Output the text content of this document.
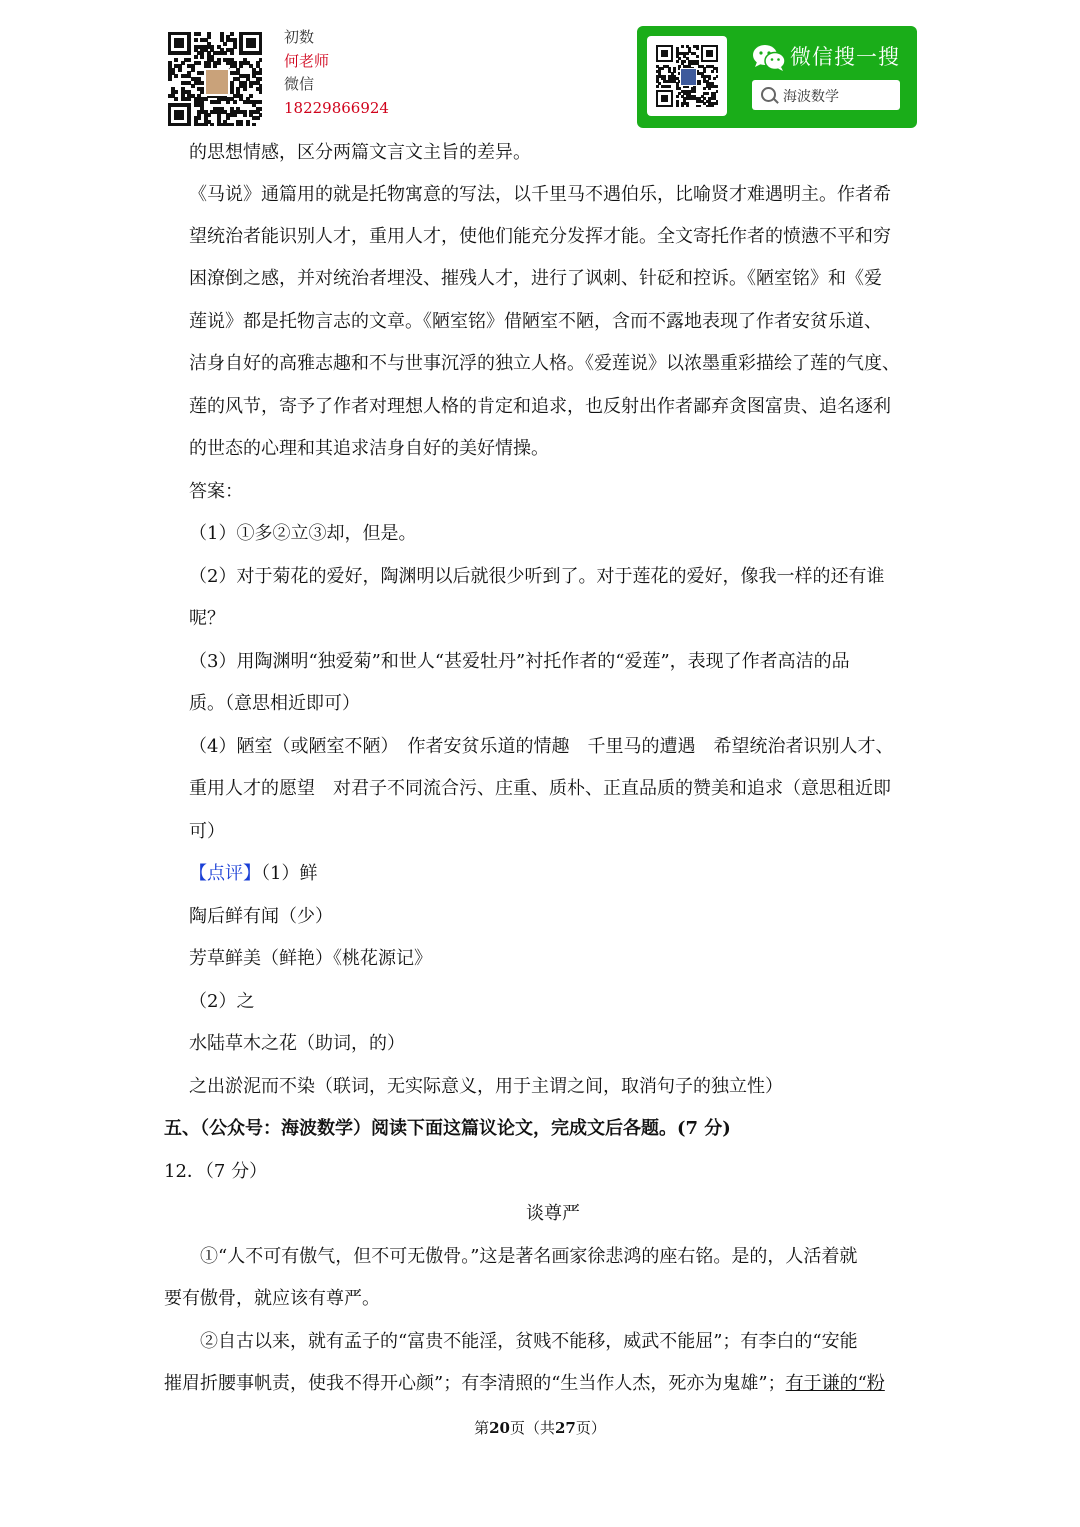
初数
何老师
微信
18229866924
微信搜一搜
海波数学
的思想情感，区分两篇文言文主旨的差异。
《马说》通篇用的就是托物寓意的写法，以千里马不遇伯乐，比喻贤才难遇明主。作者希
望统治者能识别人才，重用人才，使他们能充分发挥才能。全文寄托作者的愤懑不平和穷
困潦倒之感，并对统治者埋没、摧残人才，进行了讽刺、针砭和控诉。《陋室铭》和《爱
莲说》都是托物言志的文章。《陋室铭》借陋室不陋，含而不露地表现了作者安贫乐道、
洁身自好的高雅志趣和不与世事沉浮的独立人格。《爱莲说》以浓墨重彩描绘了莲的气度、
莲的风节，寄予了作者对理想人格的肯定和追求，也反射出作者鄙弃贪图富贵、追名逐利
的世态的心理和其追求洁身自好的美好情操。
答案：
（1）①多②立③却，但是。
（2）对于菊花的爱好，陶渊明以后就很少听到了。对于莲花的爱好，像我一样的还有谁
呢？
（3）用陶渊明“独爱菊”和世人“甚爱牡丹”衬托作者的“爱莲”，表现了作者高洁的品
质。（意思相近即可）
（4）陋室（或陋室不陋）　作者安贫乐道的情趣　千里马的遭遇　希望统治者识别人才、
重用人才的愿望　对君子不同流合污、庄重、质朴、正直品质的赞美和追求（意思租近即
可）
【点评】（1）鲜
陶后鲜有闻（少）
芳草鲜美（鲜艳）《桃花源记》
（2）之
水陆草木之花（助词，的）
之出淤泥而不染（联词，无实际意义，用于主谓之间，取消句子的独立性）
五、（公众号：海波数学）阅读下面这篇议论文，完成文后各题。(7 分)
12．（7 分）
谈尊严
①“人不可有傲气，但不可无傲骨。”这是著名画家徐悲鸿的座右铭。是的，人活着就
要有傲骨，就应该有尊严。
②自古以来，就有孟子的“富贵不能淫，贫贱不能移，威武不能屈”；有李白的“安能
摧眉折腰事帆责，使我不得开心颜”；有李清照的“生当作人杰，死亦为鬼雄”；有于谦的“粉
第20页（共27页）
